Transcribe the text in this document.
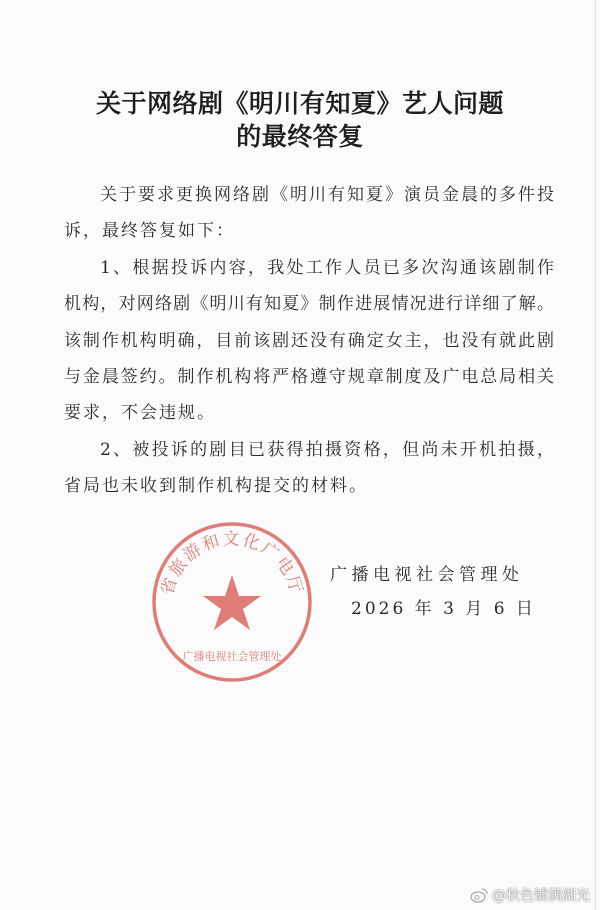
关于网络剧《明川有知夏》艺人问题
的最终答复
关于要求更换网络剧《明川有知夏》演员金晨的多件投
诉，最终答复如下：
1、根据投诉内容，我处工作人员已多次沟通该剧制作
机构，对网络剧《明川有知夏》制作进展情况进行详细了解。
该制作机构明确，目前该剧还没有确定女主，也没有就此剧
与金晨签约。制作机构将严格遵守规章制度及广电总局相关
要求，不会违规。
2、被投诉的剧目已获得拍摄资格，但尚未开机拍摄，
省局也未收到制作机构提交的材料。
省旅游和文化广电厅
广播电视社会管理处
广播电视社会管理处
2026 年 3 月 6 日
@秋色铺满湖光
